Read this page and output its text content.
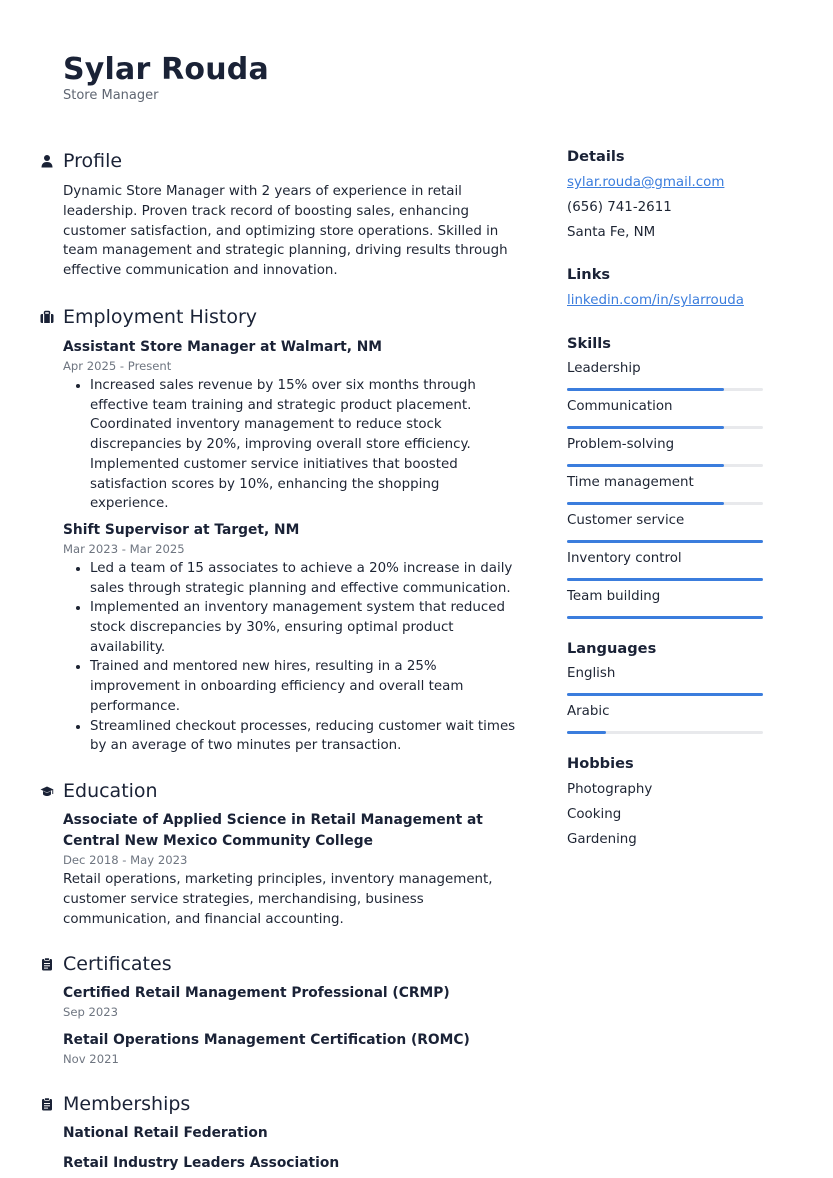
Sylar Rouda
Store Manager
Profile

Dynamic Store Manager with 2 years of experience in retail leadership. Proven track record of boosting sales, enhancing customer satisfaction, and optimizing store operations. Skilled in team management and strategic planning, driving results through effective communication and innovation.

Employment History
Assistant Store Manager at Walmart, NM
Apr 2025 - Present
• Increased sales revenue by 15% over six months through effective team training and strategic product placement. Coordinated inventory management to reduce stock discrepancies by 20%, improving overall store efficiency. Implemented customer service initiatives that boosted satisfaction scores by 10%, enhancing the shopping experience.
Shift Supervisor at Target, NM
Mar 2023 - Mar 2025
• Led a team of 15 associates to achieve a 20% increase in daily sales through strategic planning and effective communication.
• Implemented an inventory management system that reduced stock discrepancies by 30%, ensuring optimal product availability.
• Trained and mentored new hires, resulting in a 25% improvement in onboarding efficiency and overall team performance.
• Streamlined checkout processes, reducing customer wait times by an average of two minutes per transaction.
Education
Associate of Applied Science in Retail Management at Central New Mexico Community College
Dec 2018 - May 2023

Retail operations, marketing principles, inventory management, customer service strategies, merchandising, business communication, and financial accounting.

Certificates
Certified Retail Management Professional (CRMP)
Sep 2023
Retail Operations Management Certification (ROMC)
Nov 2021
Memberships
National Retail Federation
Retail Industry Leaders Association
Details
sylar.rouda@gmail.com
(656) 741-2611
Santa Fe, NM
Links
linkedin.com/in/sylarrouda
Skills
Leadership
Communication
Problem-solving
Time management
Customer service
Inventory control
Team building
Languages
English
Arabic
Hobbies
Photography
Cooking
Gardening
